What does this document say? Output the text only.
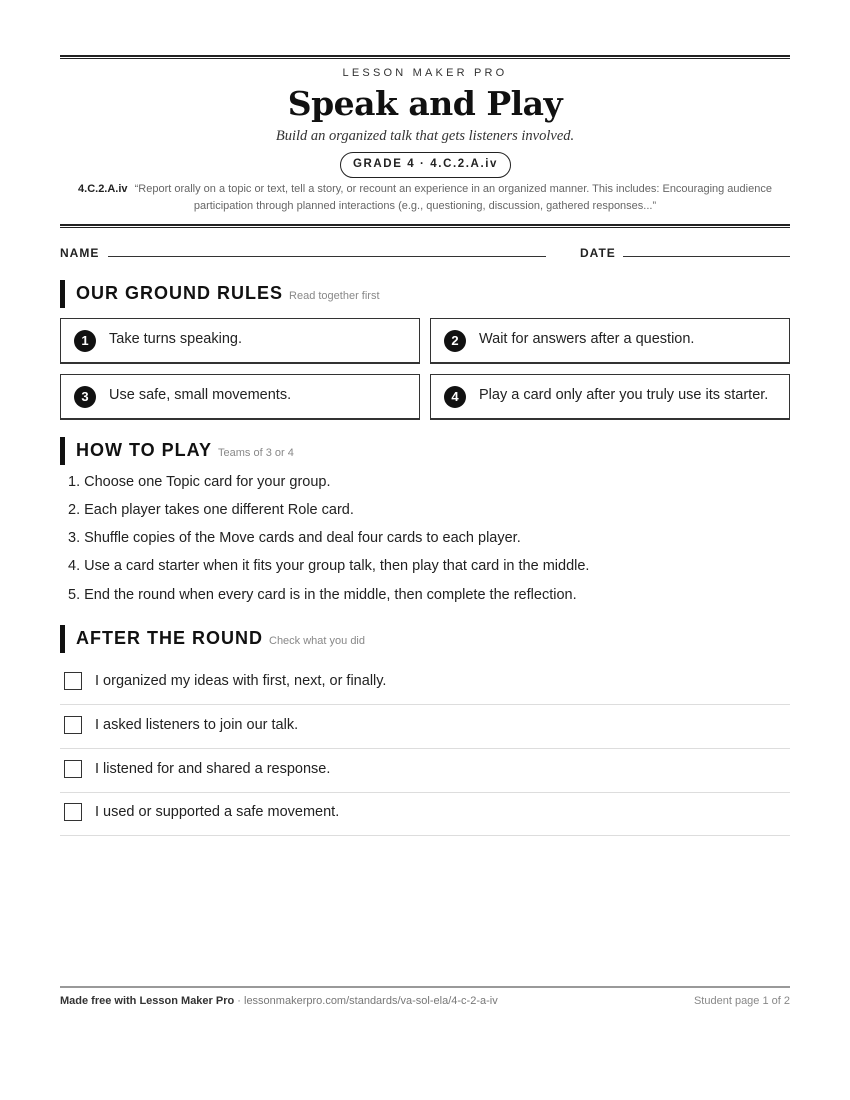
LESSON MAKER PRO
Speak and Play
Build an organized talk that gets listeners involved.
GRADE 4 · 4.C.2.A.iv
4.C.2.A.iv “Report orally on a topic or text, tell a story, or recount an experience in an organized manner. This includes: Encouraging audience participation through planned interactions (e.g., questioning, discussion, gathered responses...”
NAME	DATE
OUR GROUND RULES Read together first
1	Take turns speaking.	2	Wait for answers after a question.
3	Use safe, small movements.	4	Play a card only after you truly use its starter.
HOW TO PLAY Teams of 3 or 4
1. Choose one Topic card for your group.
2. Each player takes one different Role card.
3. Shuffle copies of the Move cards and deal four cards to each player.
4. Use a card starter when it fits your group talk, then play that card in the middle.
5. End the round when every card is in the middle, then complete the reflection.
AFTER THE ROUND Check what you did
I organized my ideas with first, next, or finally.
I asked listeners to join our talk.
I listened for and shared a response.
I used or supported a safe movement.
Made free with Lesson Maker Pro · lessonmakerpro.com/standards/va-sol-ela/4-c-2-a-iv	Student page 1 of 2
